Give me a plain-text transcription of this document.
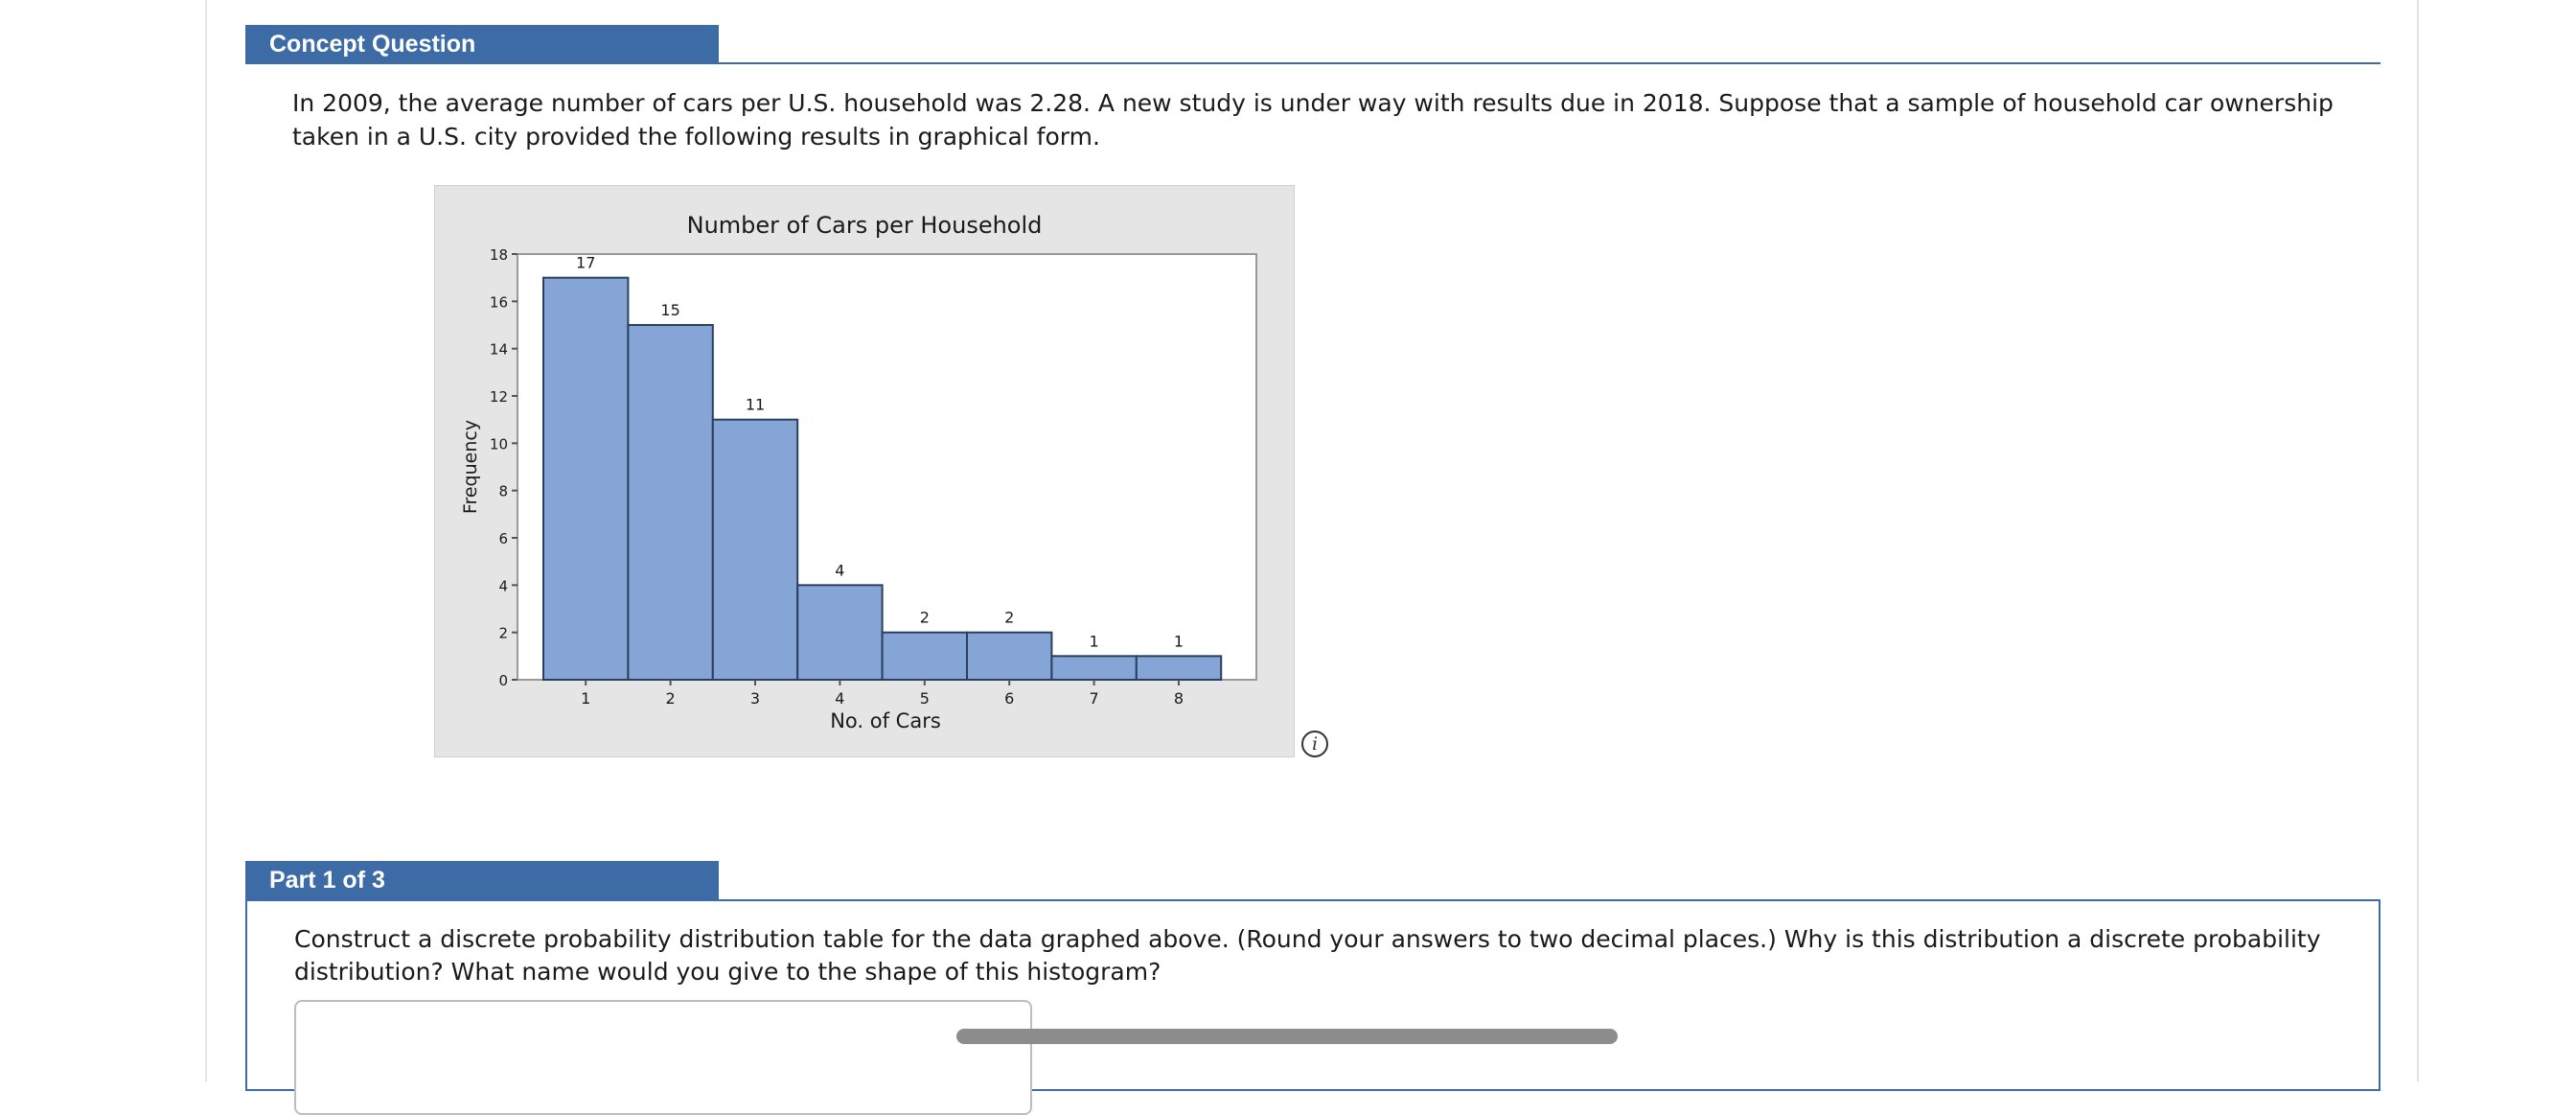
Concept Question
In 2009, the average number of cars per U.S. household was 2.28. A new study is under way with results due in 2018. Suppose that a sample of household car ownership
taken in a U.S. city provided the following results in graphical form.
Number of Cars per Household
Frequency
No. of Cars
17
15
11
4
2	2
1	1
1	2	3	4	5	6	7	8
0
2
4
6
8
10
12
14
16
18
i
Part 1 of 3
Construct a discrete probability distribution table for the data graphed above. (Round your answers to two decimal places.) Why is this distribution a discrete probability
distribution? What name would you give to the shape of this histogram?
